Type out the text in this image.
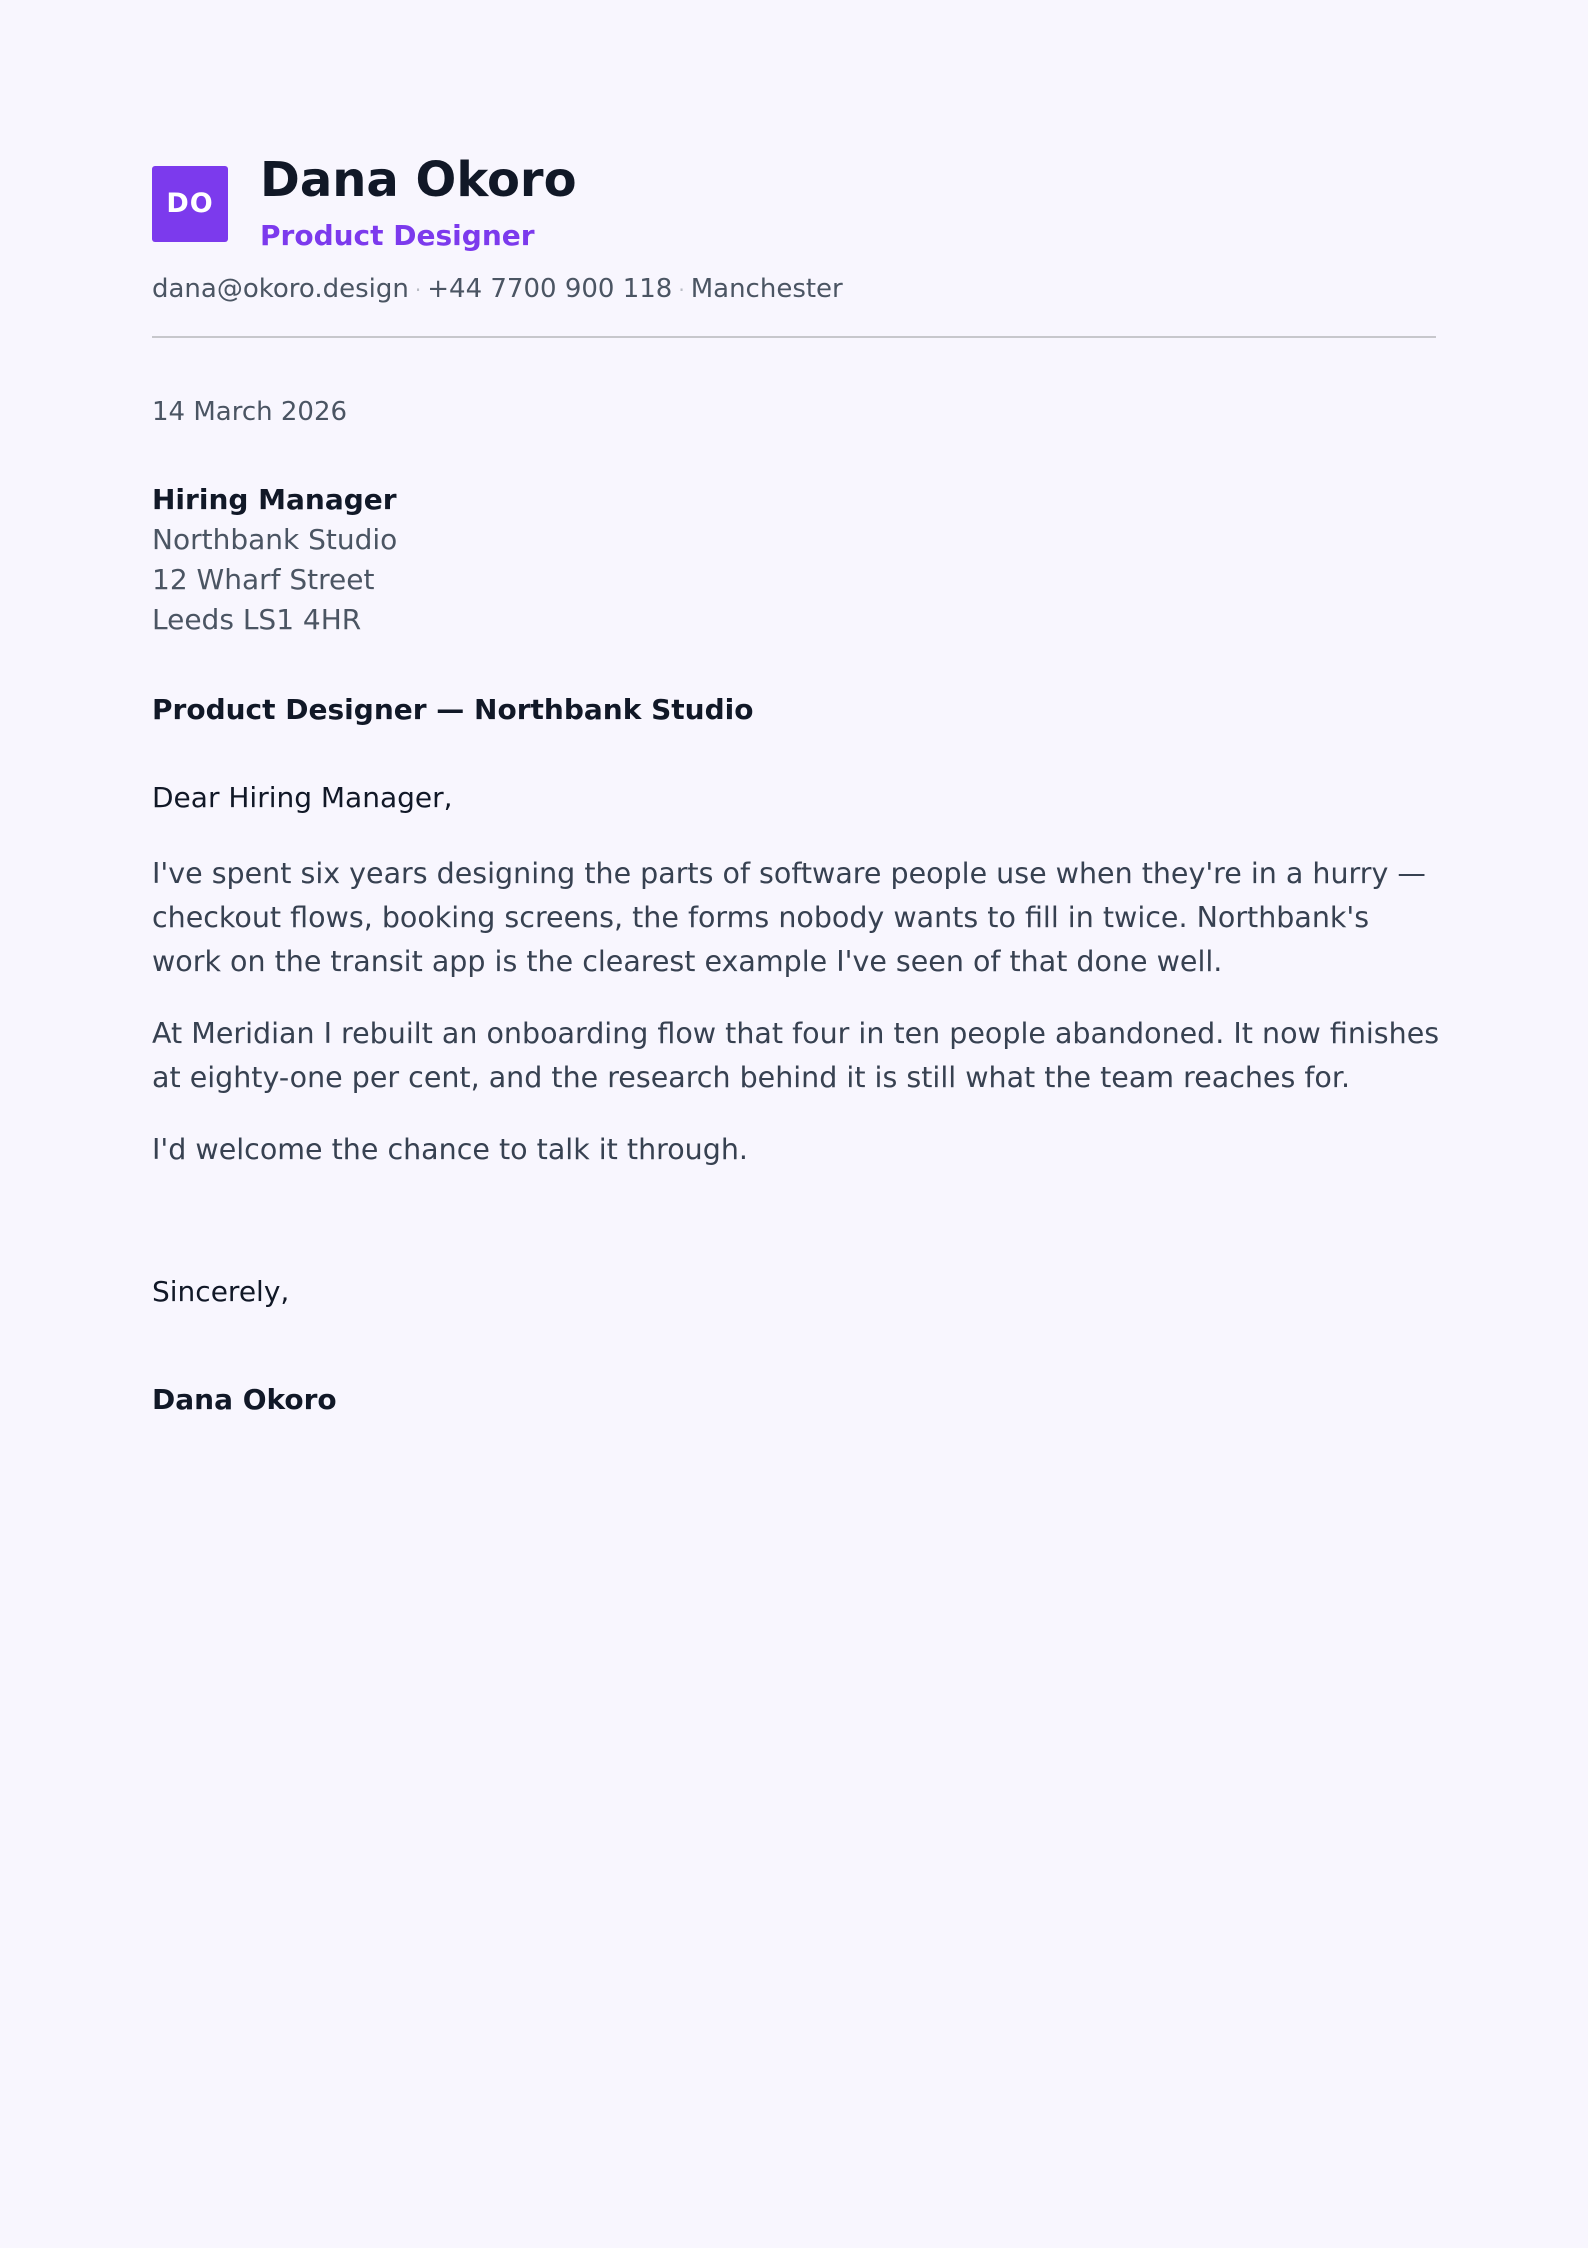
DO Dana Okoro
Product Designer
dana@okoro.design · +44 7700 900 118 · Manchester
14 March 2026
Hiring Manager
Northbank Studio
12 Wharf Street
Leeds LS1 4HR
Product Designer — Northbank Studio
Dear Hiring Manager,

I've spent six years designing the parts of software people use when they're in a hurry — checkout flows, booking screens, the forms nobody wants to fill in twice. Northbank's work on the transit app is the clearest example I've seen of that done well.

At Meridian I rebuilt an onboarding flow that four in ten people abandoned. It now finishes at eighty-one per cent, and the research behind it is still what the team reaches for.

I'd welcome the chance to talk it through.

Sincerely,
Dana Okoro
